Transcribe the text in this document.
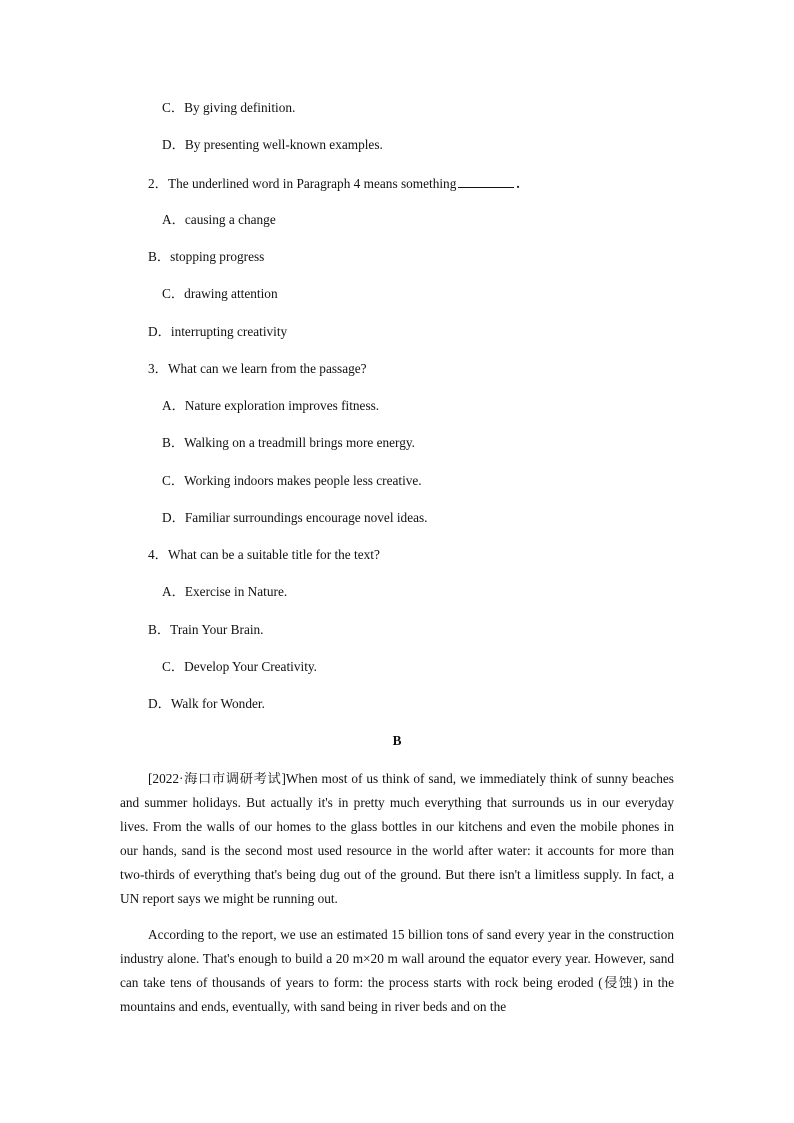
C．By giving definition.
D．By presenting well-known examples.
2．The underlined word in Paragraph 4 means something	.
A．causing a change
B．stopping progress
C．drawing attention
D．interrupting creativity
3．What can we learn from the passage?
A．Nature exploration improves fitness.
B．Walking on a treadmill brings more energy.
C．Working indoors makes people less creative.
D．Familiar surroundings encourage novel ideas.
4．What can be a suitable title for the text?
A．Exercise in Nature.
B．Train Your Brain.
C．Develop Your Creativity.
D．Walk for Wonder.
B
[2022·海口市调研考试]When most of us think of sand, we immediately think of sunny beaches and summer holidays. But actually it's in pretty much everything that surrounds us in our everyday lives. From the walls of our homes to the glass bottles in our kitchens and even the mobile phones in our hands, sand is the second most used resource in the world after water: it accounts for more than two-thirds of everything that's being dug out of the ground. But there isn't a limitless supply. In fact, a UN report says we might be running out.
According to the report, we use an estimated 15 billion tons of sand every year in the construction industry alone. That's enough to build a 20 m×20 m wall around the equator every year. However, sand can take tens of thousands of years to form: the process starts with rock being eroded (侵蚀) in the mountains and ends, eventually, with sand being in river beds and on the
